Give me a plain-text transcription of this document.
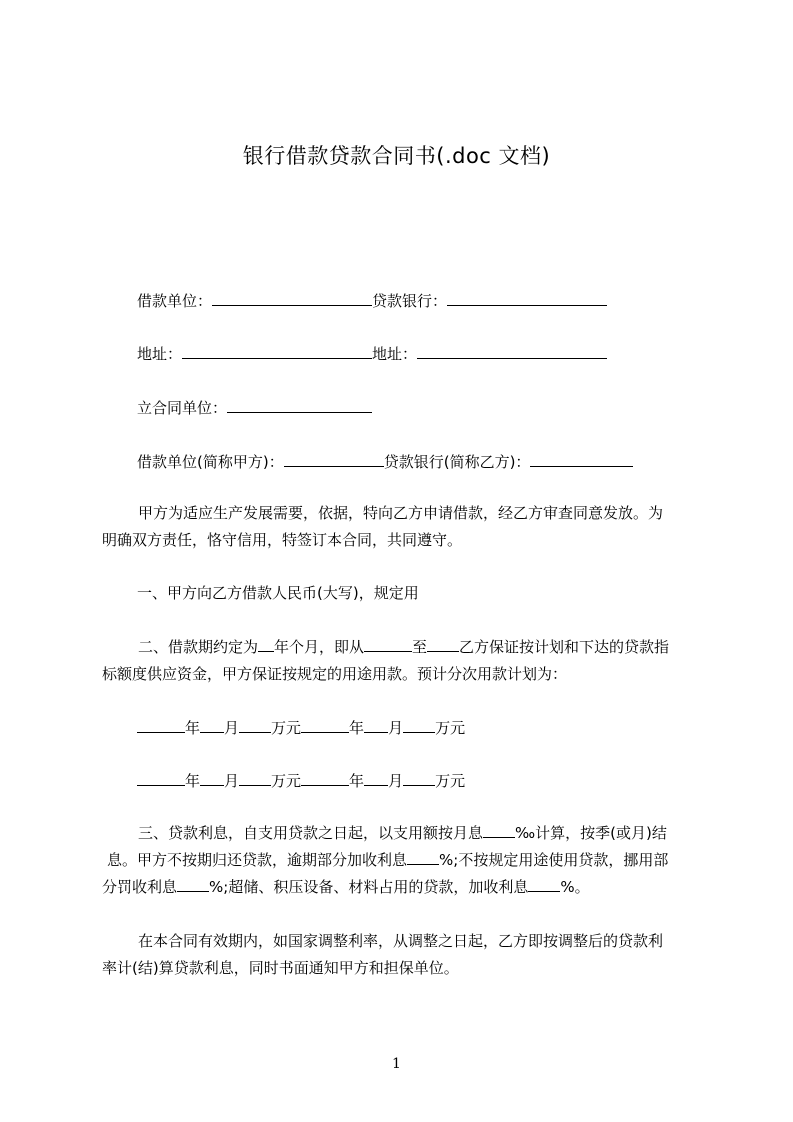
银行借款贷款合同书(.doc 文档)
借款单位：	贷款银行：
地址：	地址：
立合同单位：
借款单位(简称甲方)：	贷款银行(简称乙方)：
甲方为适应生产发展需要，依据，特向乙方申请借款，经乙方审查同意发放。为
明确双方责任，恪守信用，特签订本合同，共同遵守。
一、甲方向乙方借款人民币(大写)，规定用
二、借款期约定为 年个月，即从	至 乙方保证按计划和下达的贷款指
标额度供应资金，甲方保证按规定的用途用款。预计分次用款计划为：
年 月 万元	年 月 万元
年 月 万元	年 月 万元
三、贷款利息，自支用贷款之日起，以支用额按月息 ‰计算，按季(或月)结
息。甲方不按期归还贷款，逾期部分加收利息 %;不按规定用途使用贷款，挪用部
分罚收利息 %;超储、积压设备、材料占用的贷款，加收利息 %。
在本合同有效期内，如国家调整利率，从调整之日起，乙方即按调整后的贷款利
率计(结)算贷款利息，同时书面通知甲方和担保单位。
1
